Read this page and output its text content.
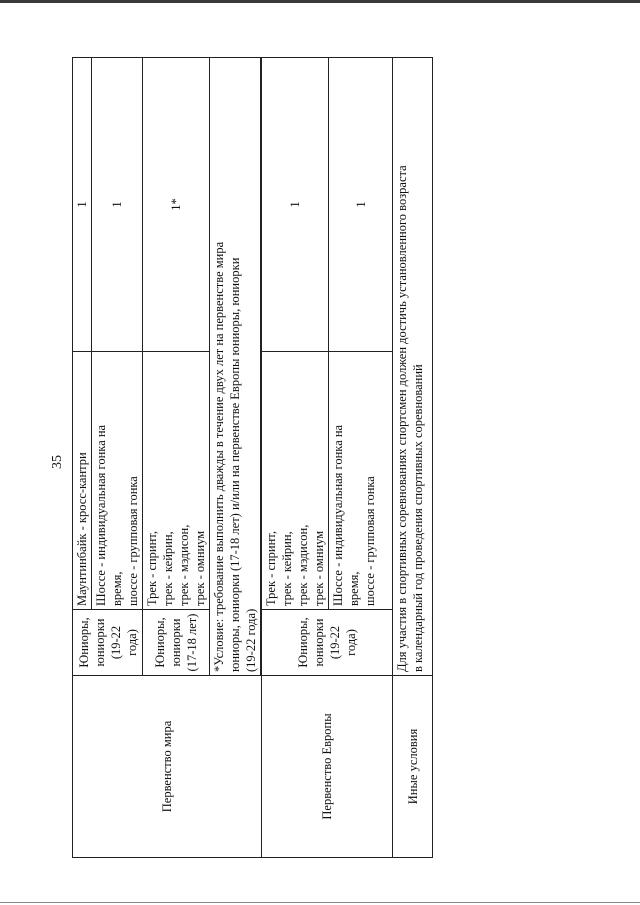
35
Первенство мира	Юниоры, юниорки (19-22 года)	Маунтинбайк - кросс-кантри	1

		Шоссе - индивидуальная гонка на время, шоссе - групповая гонка	1

	Юниоры, юниорки (17-18 лет)	Трек - спринт, трек - кейрин, трек - мэдисон, трек - омниум	1*

	*Условие: требование выполнить дважды в течение двух лет на первенстве мира юниоры, юниорки (17-18 лет) и/или на первенстве Европы юниоры, юниорки (19-22 года)		

Первенство Европы	Юниоры, юниорки (19-22 года)	Трек - спринт, трек - кейрин, трек - мэдисон, трек - омниум	1

		Шоссе - индивидуальная гонка на время, шоссе - групповая гонка	1
Иные условия	Для участия в спортивных соревнованиях спортсмен должен достичь установленного возраста в календарный год проведения спортивных соревнований		
